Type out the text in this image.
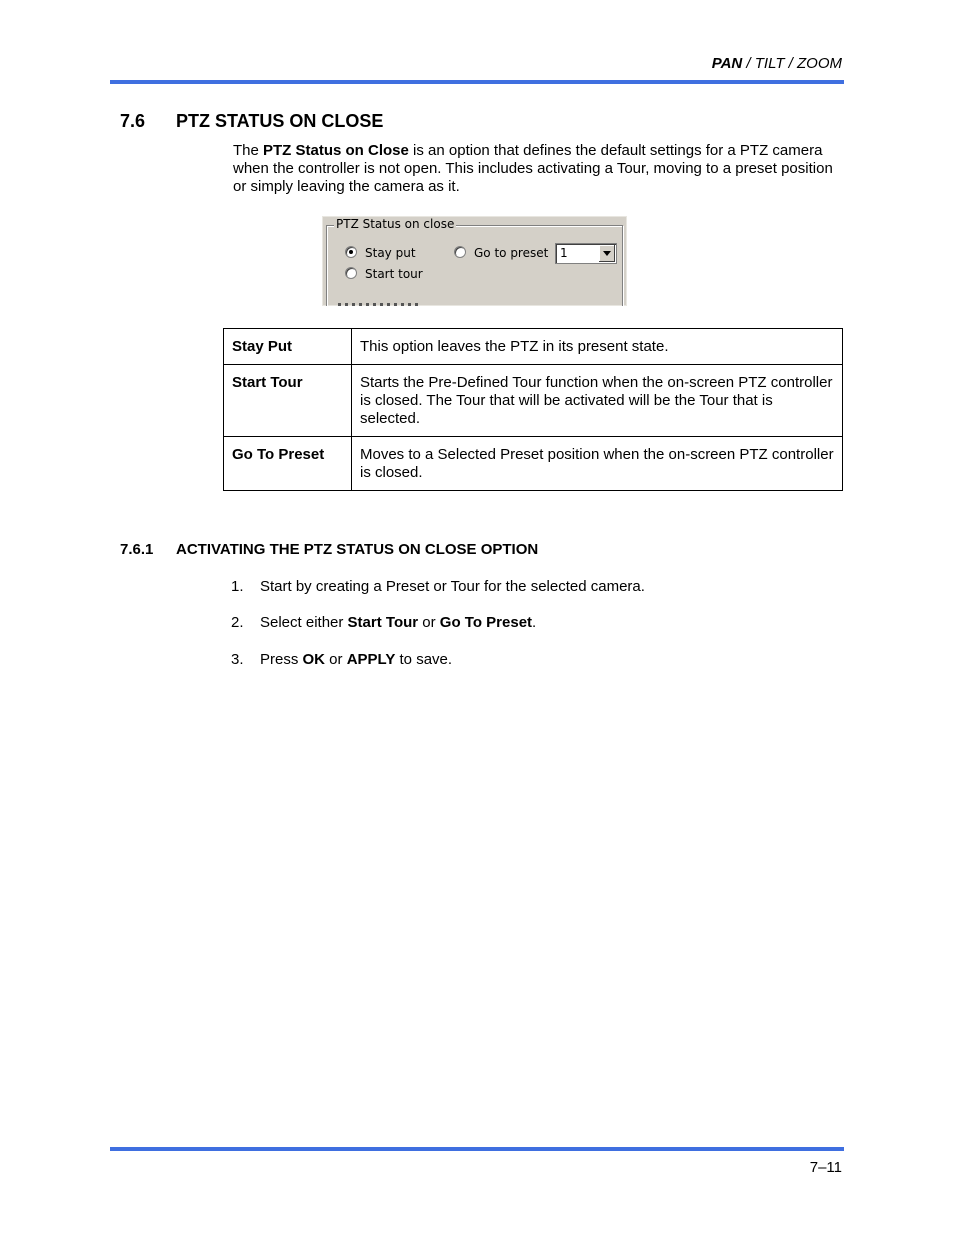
PAN / TILT / ZOOM
7.6 PTZ STATUS ON CLOSE
The PTZ Status on Close is an option that defines the default settings for a PTZ camera when the controller is not open. This includes activating a Tour, moving to a preset position or simply leaving the camera as it.
PTZ Status on close
Stay put
Start tour
Go to preset 1
Stay Put	This option leaves the PTZ in its present state.
Start Tour	Starts the Pre-Defined Tour function when the on-screen PTZ controller is closed. The Tour that will be activated will be the Tour that is selected.
Go To Preset	Moves to a Selected Preset position when the on-screen PTZ controller is closed.
7.6.1 ACTIVATING THE PTZ STATUS ON CLOSE OPTION
1. Start by creating a Preset or Tour for the selected camera.
2. Select either Start Tour or Go To Preset.
3. Press OK or APPLY to save.
7–11
